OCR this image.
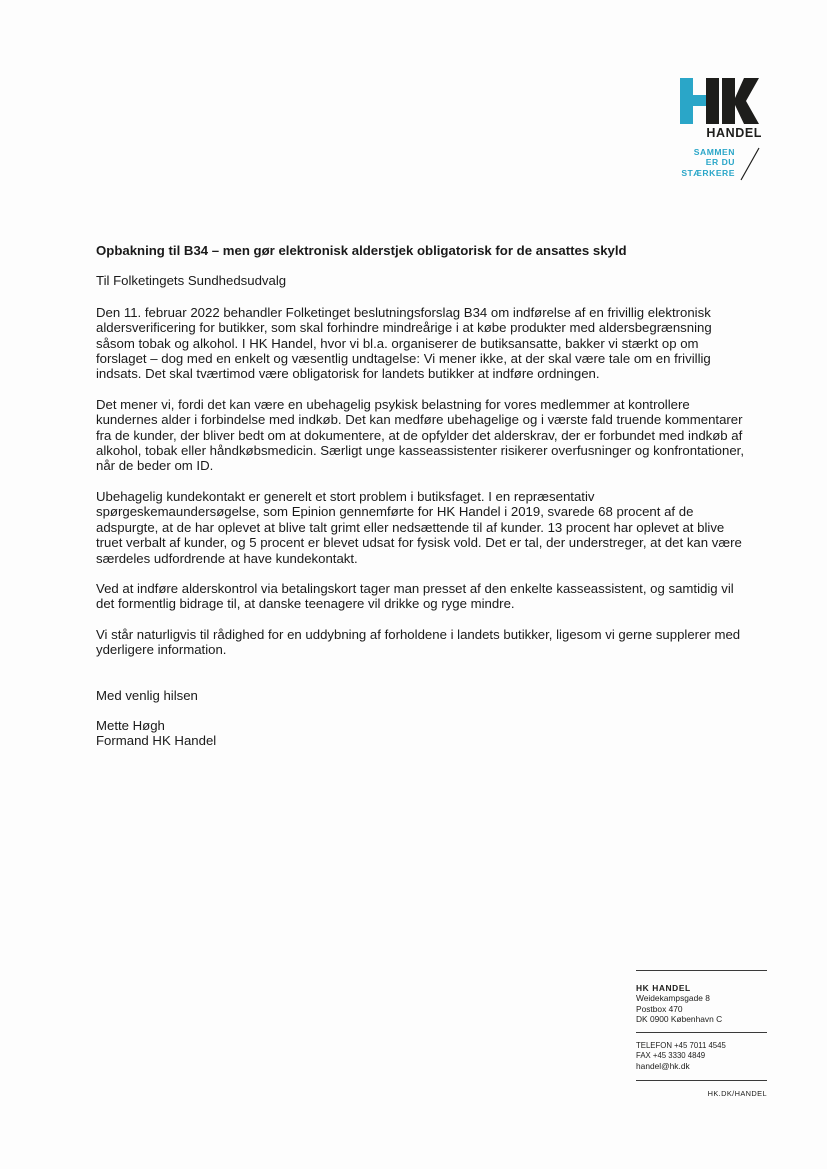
HANDEL
SAMMEN
ER DU
STÆRKERE

Opbakning til B34 – men gør elektronisk alderstjek obligatorisk for de ansattes skyld

Til Folketingets Sundhedsudvalg

Den 11. februar 2022 behandler Folketinget beslutningsforslag B34 om indførelse af en frivillig elektronisk aldersverificering for butikker, som skal forhindre mindreårige i at købe produkter med aldersbegrænsning såsom tobak og alkohol. I HK Handel, hvor vi bl.a. organiserer de butiksansatte, bakker vi stærkt op om forslaget – dog med en enkelt og væsentlig undtagelse: Vi mener ikke, at der skal være tale om en frivillig indsats. Det skal tværtimod være obligatorisk for landets butikker at indføre ordningen.

Det mener vi, fordi det kan være en ubehagelig psykisk belastning for vores medlemmer at kontrollere kundernes alder i forbindelse med indkøb. Det kan medføre ubehagelige og i værste fald truende kommentarer fra de kunder, der bliver bedt om at dokumentere, at de opfylder det alderskrav, der er forbundet med indkøb af alkohol, tobak eller håndkøbsmedicin. Særligt unge kasseassistenter risikerer overfusninger og konfrontationer, når de beder om ID.

Ubehagelig kundekontakt er generelt et stort problem i butiksfaget. I en repræsentativ spørgeskemaundersøgelse, som Epinion gennemførte for HK Handel i 2019, svarede 68 procent af de adspurgte, at de har oplevet at blive talt grimt eller nedsættende til af kunder. 13 procent har oplevet at blive truet verbalt af kunder, og 5 procent er blevet udsat for fysisk vold. Det er tal, der understreger, at det kan være særdeles udfordrende at have kundekontakt.

Ved at indføre alderskontrol via betalingskort tager man presset af den enkelte kasseassistent, og samtidig vil det formentlig bidrage til, at danske teenagere vil drikke og ryge mindre.

Vi står naturligvis til rådighed for en uddybning af forholdene i landets butikker, ligesom vi gerne supplerer med yderligere information.

Med venlig hilsen

Mette Høgh
Formand HK Handel

HK HANDEL
Weidekampsgade 8
Postbox 470
DK 0900 København C
TELEFON +45 7011 4545
FAX +45 3330 4849
handel@hk.dk
HK.DK/HANDEL
